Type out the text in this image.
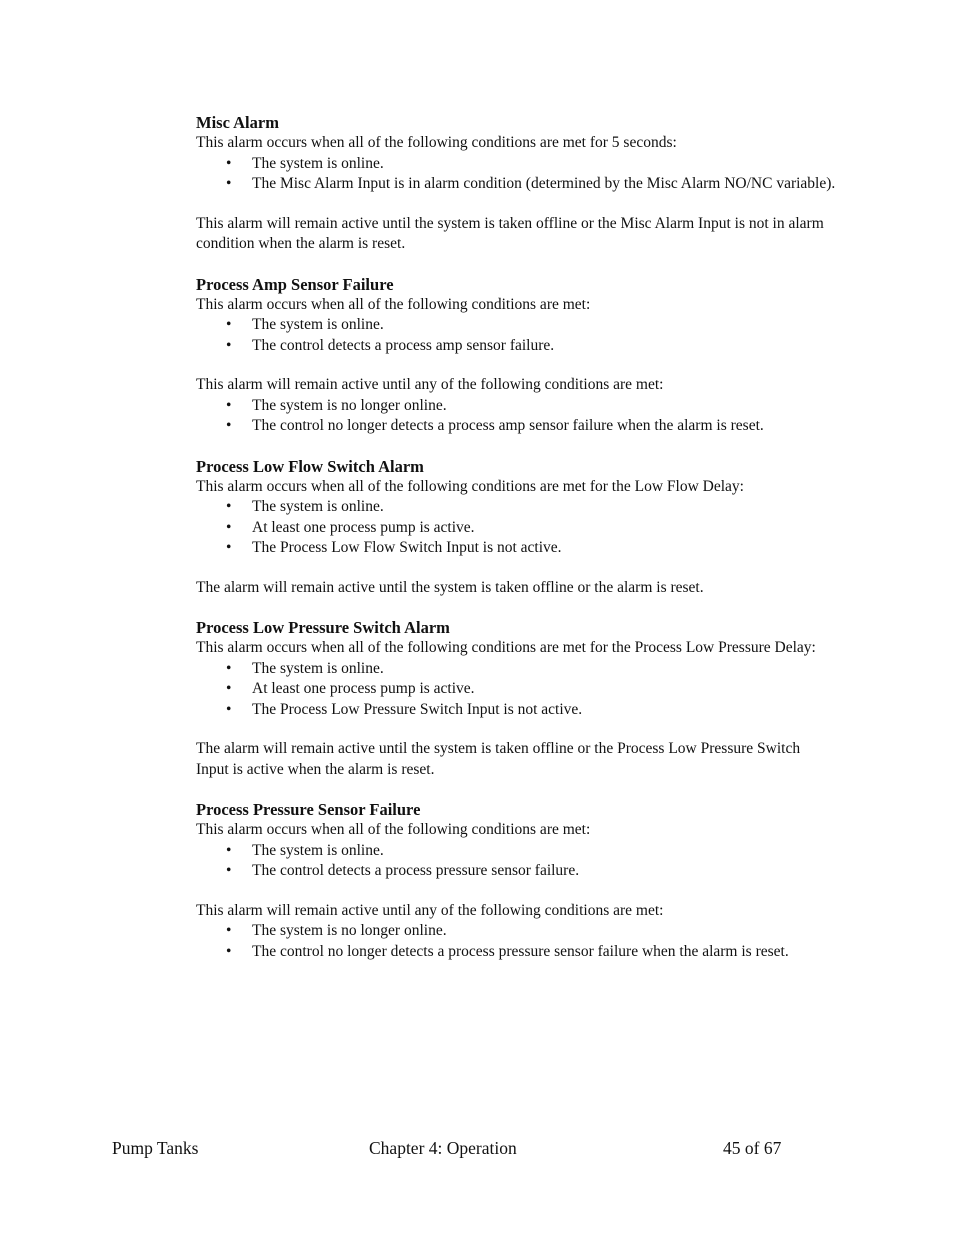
Misc Alarm

This alarm occurs when all of the following conditions are met for 5 seconds:

• The system is online.
• The Misc Alarm Input is in alarm condition (determined by the Misc Alarm NO/NC variable).

This alarm will remain active until the system is taken offline or the Misc Alarm Input is not in alarm condition when the alarm is reset.

Process Amp Sensor Failure

This alarm occurs when all of the following conditions are met:

• The system is online.
• The control detects a process amp sensor failure.

This alarm will remain active until any of the following conditions are met:

• The system is no longer online.
• The control no longer detects a process amp sensor failure when the alarm is reset.
Process Low Flow Switch Alarm

This alarm occurs when all of the following conditions are met for the Low Flow Delay:

• The system is online.
• At least one process pump is active.
• The Process Low Flow Switch Input is not active.

The alarm will remain active until the system is taken offline or the alarm is reset.

Process Low Pressure Switch Alarm

This alarm occurs when all of the following conditions are met for the Process Low Pressure Delay:

• The system is online.
• At least one process pump is active.
• The Process Low Pressure Switch Input is not active.

The alarm will remain active until the system is taken offline or the Process Low Pressure Switch Input is active when the alarm is reset.

Process Pressure Sensor Failure

This alarm occurs when all of the following conditions are met:

• The system is online.
• The control detects a process pressure sensor failure.

This alarm will remain active until any of the following conditions are met:

• The system is no longer online.
• The control no longer detects a process pressure sensor failure when the alarm is reset.
Pump Tanks	Chapter 4: Operation	45 of 67
